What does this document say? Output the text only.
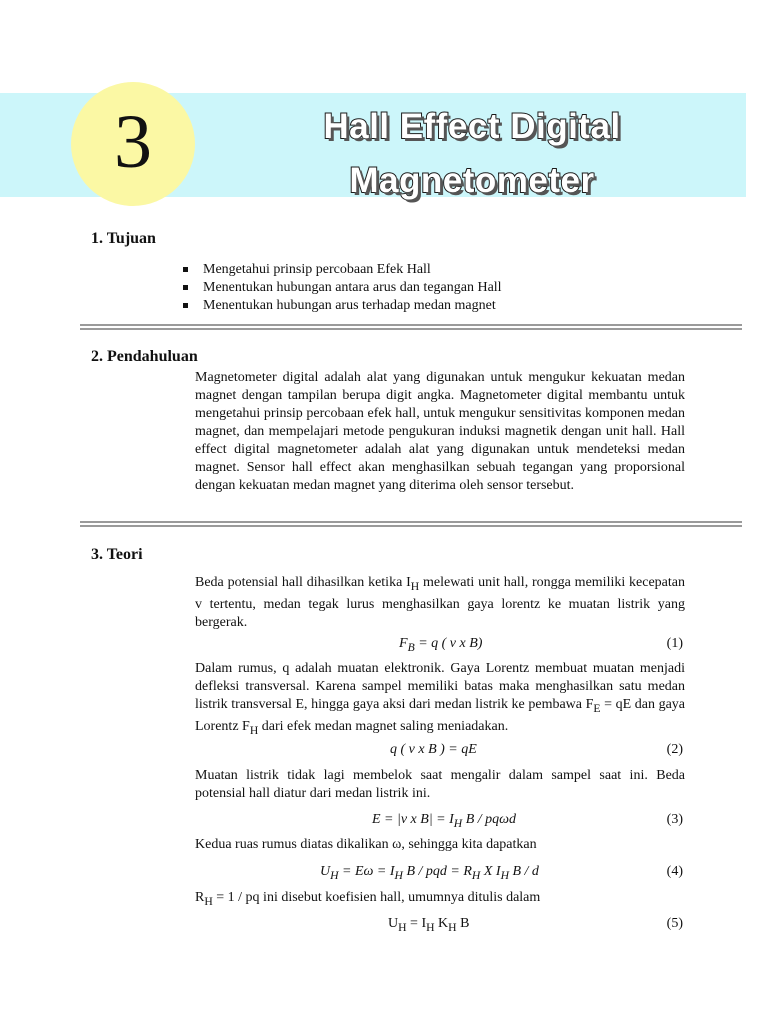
3	Hall Effect Digital
Magnetometer
1. Tujuan
Mengetahui prinsip percobaan Efek Hall
Menentukan hubungan antara arus dan tegangan Hall
Menentukan hubungan arus terhadap medan magnet
2. Pendahuluan

Magnetometer digital adalah alat yang digunakan untuk mengukur kekuatan medan magnet dengan tampilan berupa digit angka. Magnetometer digital membantu untuk mengetahui prinsip percobaan efek hall, untuk mengukur sensitivitas komponen medan magnet, dan mempelajari metode pengukuran induksi magnetik dengan unit hall. Hall effect digital magnetometer adalah alat yang digunakan untuk mendeteksi medan magnet. Sensor hall effect akan menghasilkan sebuah tegangan yang proporsional dengan kekuatan medan magnet yang diterima oleh sensor tersebut.

3. Teori

Beda potensial hall dihasilkan ketika $I_H$ melewati unit hall, rongga memiliki kecepatan v tertentu, medan tegak lurus menghasilkan gaya lorentz ke muatan listrik yang bergerak.

$F_B = q$ ( v x B)	(1)

Dalam rumus, q adalah muatan elektronik. Gaya Lorentz membuat muatan menjadi defleksi transversal. Karena sampel memiliki batas maka menghasilkan satu medan listrik transversal E, hingga gaya aksi dari medan listrik ke pembawa $F_E$ = qE dan gaya Lorentz $F_H$ dari efek medan magnet saling meniadakan.

q ( v x B ) = qE	(2)

Muatan listrik tidak lagi membelok saat mengalir dalam sampel saat ini. Beda potensial hall diatur dari medan listrik ini.

E = |v x $B| = I_H$ B / pqωd	(3)

Kedua ruas rumus diatas dikalikan ω, sehingga kita dapatkan

$U_H = E\omega = I_H$ B / pqd = $R_H$ X $I_H$ B / d	(4)

$R_H = 1$ / pq ini disebut koefisien hall, umumnya ditulis dalam

$U_H = I_H$ $K_H$ B	(5)
